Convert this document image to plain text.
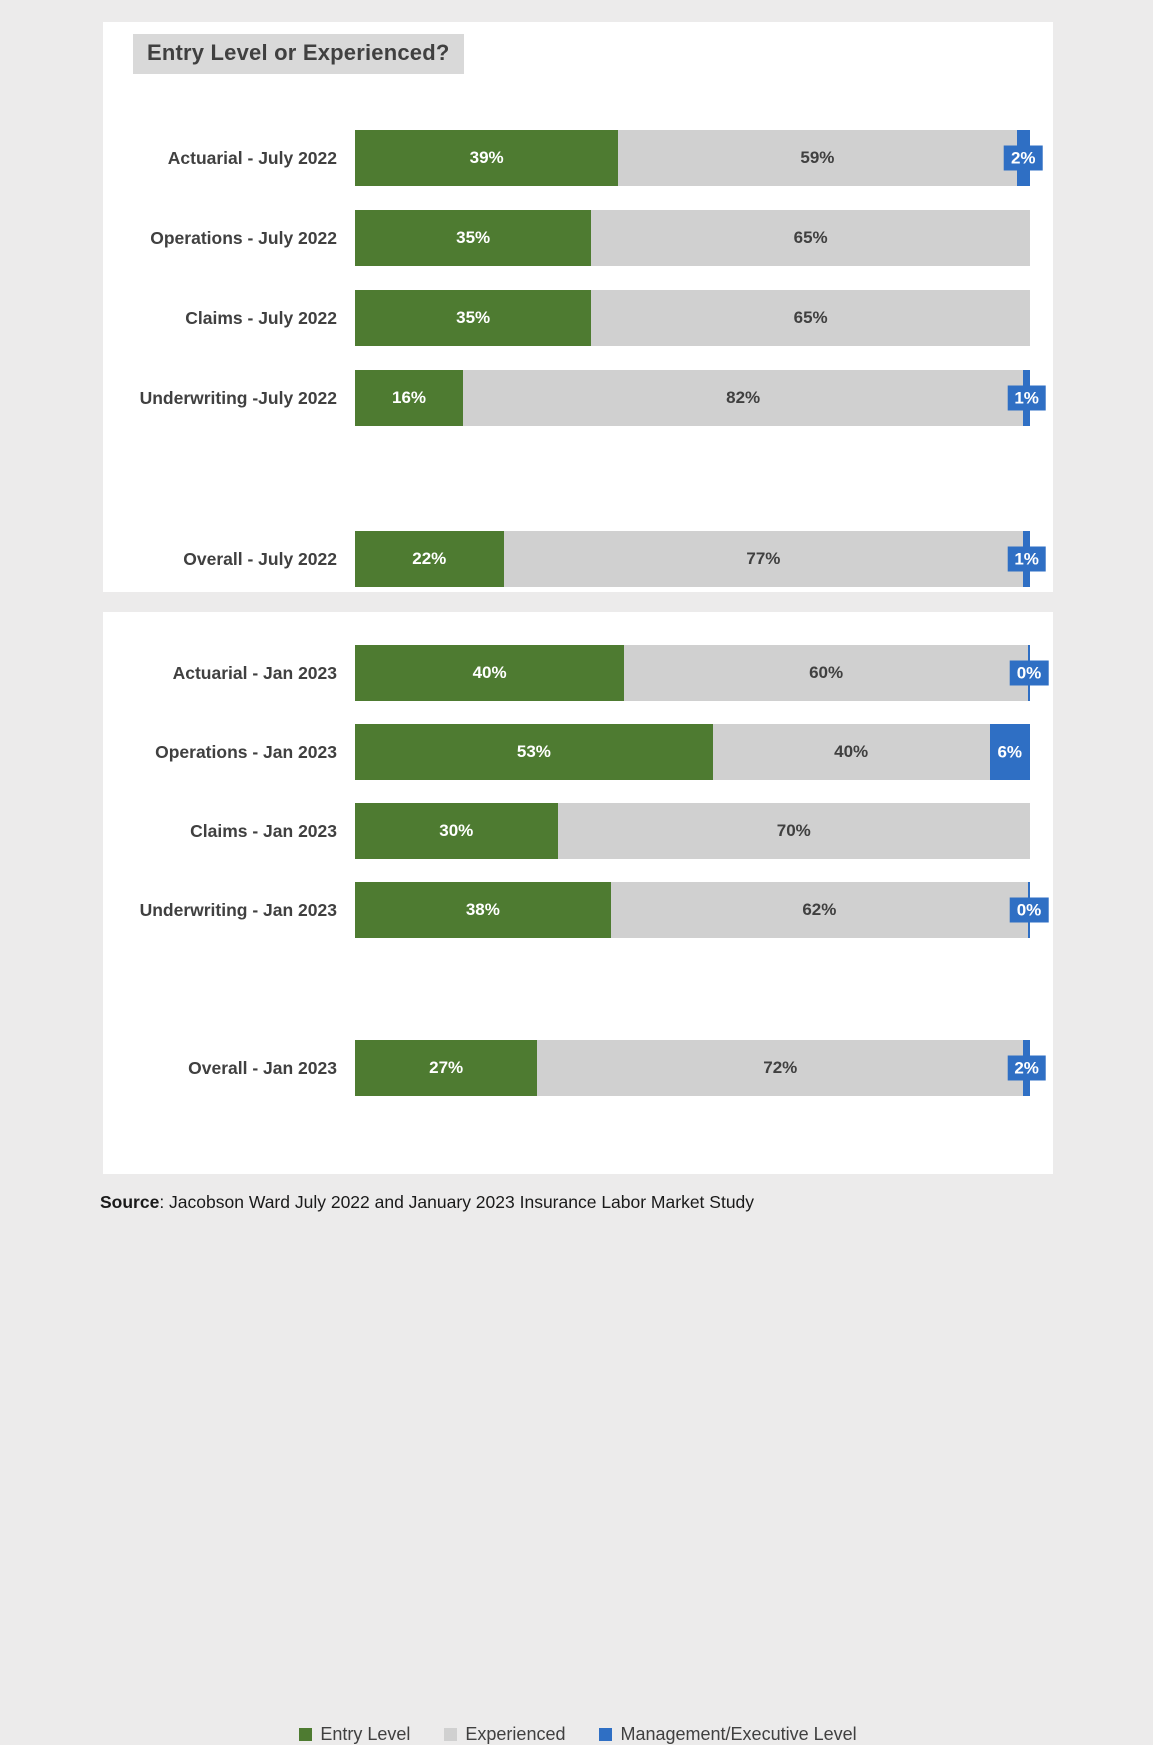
Entry Level or Experienced?
Actuarial - July 2022	39%	59%	2%
Operations - July 2022	35%	65%
Claims - July 2022	35%	65%
Underwriting -July 2022	16%	82%	1%
Overall - July 2022	22%	77%	1%
Actuarial - Jan 2023	40%	60%	0%
Operations - Jan 2023	53%	40%	6%
Claims - Jan 2023	30%	70%
Underwriting - Jan 2023	38%	62%	0%
Overall - Jan 2023	27%	72%	2%
Entry Level	Experienced	Management/Executive Level
Source: Jacobson Ward July 2022 and January 2023 Insurance Labor Market Study
